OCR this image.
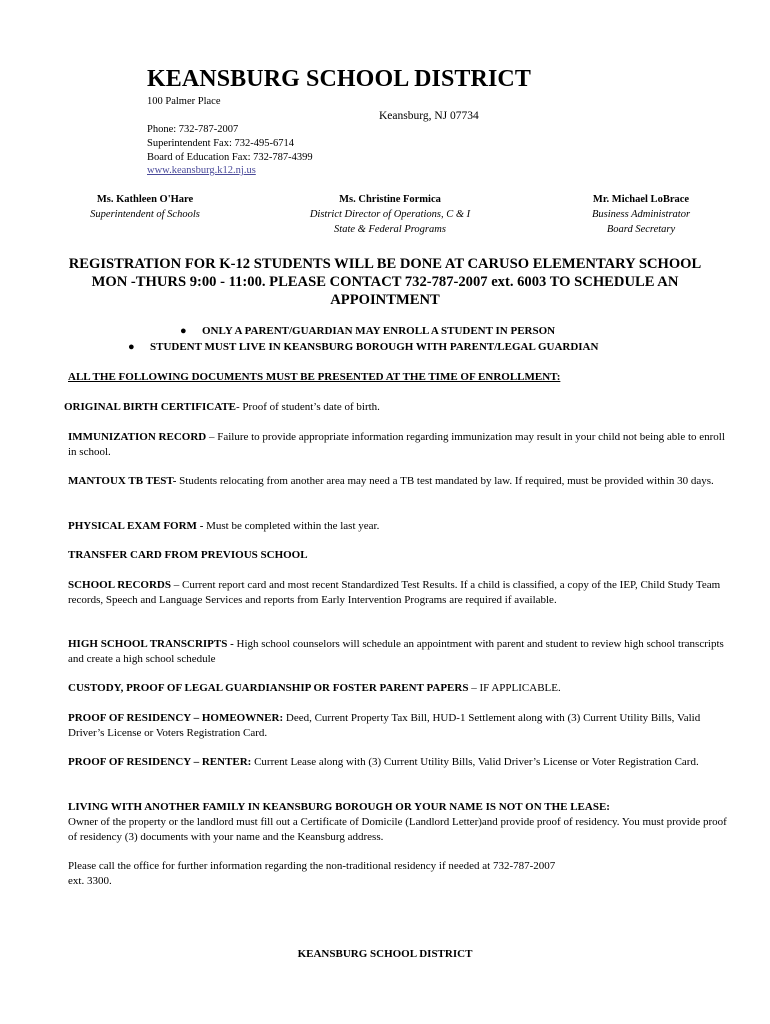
KEANSBURG SCHOOL DISTRICT
100 Palmer Place
Keansburg, NJ 07734
Phone: 732-787-2007
Superintendent Fax: 732-495-6714
Board of Education Fax: 732-787-4399
www.keansburg.k12.nj.us
Ms. Kathleen O'Hare
Superintendent of Schools
Ms. Christine Formica
District Director of Operations, C & I
State & Federal Programs
Mr. Michael LoBrace
Business Administrator
Board Secretary
REGISTRATION FOR K-12 STUDENTS WILL BE DONE AT CARUSO ELEMENTARY SCHOOL
MON -THURS 9:00 - 11:00. PLEASE CONTACT 732-787-2007 ext. 6003 TO SCHEDULE AN
APPOINTMENT
● ONLY A PARENT/GUARDIAN MAY ENROLL A STUDENT IN PERSON
● STUDENT MUST LIVE IN KEANSBURG BOROUGH WITH PARENT/LEGAL GUARDIAN
ALL THE FOLLOWING DOCUMENTS MUST BE PRESENTED AT THE TIME OF ENROLLMENT:
ORIGINAL BIRTH CERTIFICATE- Proof of student’s date of birth.
IMMUNIZATION RECORD – Failure to provide appropriate information regarding immunization may result in your child not being able to enroll in school.
MANTOUX TB TEST- Students relocating from another area may need a TB test mandated by law. If required, must be provided within 30 days.
PHYSICAL EXAM FORM - Must be completed within the last year.
TRANSFER CARD FROM PREVIOUS SCHOOL
SCHOOL RECORDS – Current report card and most recent Standardized Test Results. If a child is classified, a copy of the IEP, Child Study Team records, Speech and Language Services and reports from Early Intervention Programs are required if available.
HIGH SCHOOL TRANSCRIPTS - High school counselors will schedule an appointment with parent and student to review high school transcripts and create a high school schedule
CUSTODY, PROOF OF LEGAL GUARDIANSHIP OR FOSTER PARENT PAPERS – IF APPLICABLE.
PROOF OF RESIDENCY – HOMEOWNER: Deed, Current Property Tax Bill, HUD-1 Settlement along with (3) Current Utility Bills, Valid Driver’s License or Voters Registration Card.
PROOF OF RESIDENCY – RENTER: Current Lease along with (3) Current Utility Bills, Valid Driver’s License or Voter Registration Card.
LIVING WITH ANOTHER FAMILY IN KEANSBURG BOROUGH OR YOUR NAME IS NOT ON THE LEASE:
Owner of the property or the landlord must fill out a Certificate of Domicile (Landlord Letter)and provide proof of residency. You must provide proof of residency (3) documents with your name and the Keansburg address.
Please call the office for further information regarding the non-traditional residency if needed at 732-787-2007
ext. 3300.
KEANSBURG SCHOOL DISTRICT
